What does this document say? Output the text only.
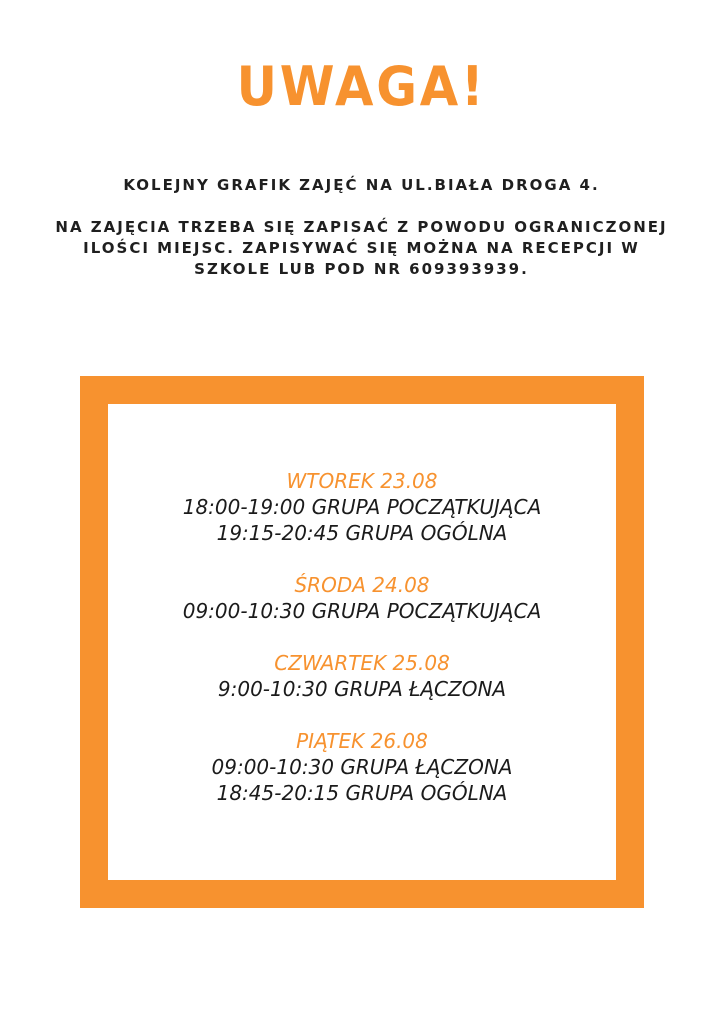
UWAGA!

KOLEJNY GRAFIK ZAJĘĆ NA UL.BIAŁA DROGA 4.

NA ZAJĘCIA TRZEBA SIĘ ZAPISAĆ Z POWODU OGRANICZONEJ
ILOŚCI MIEJSC. ZAPISYWAĆ SIĘ MOŻNA NA RECEPCJI W
SZKOLE LUB POD NR 609393939.

WTOREK 23.08
18:00-19:00 GRUPA POCZĄTKUJĄCA
19:15-20:45 GRUPA OGÓLNA
ŚRODA 24.08
09:00-10:30 GRUPA POCZĄTKUJĄCA
CZWARTEK 25.08
9:00-10:30 GRUPA ŁĄCZONA
PIĄTEK 26.08
09:00-10:30 GRUPA ŁĄCZONA
18:45-20:15 GRUPA OGÓLNA
